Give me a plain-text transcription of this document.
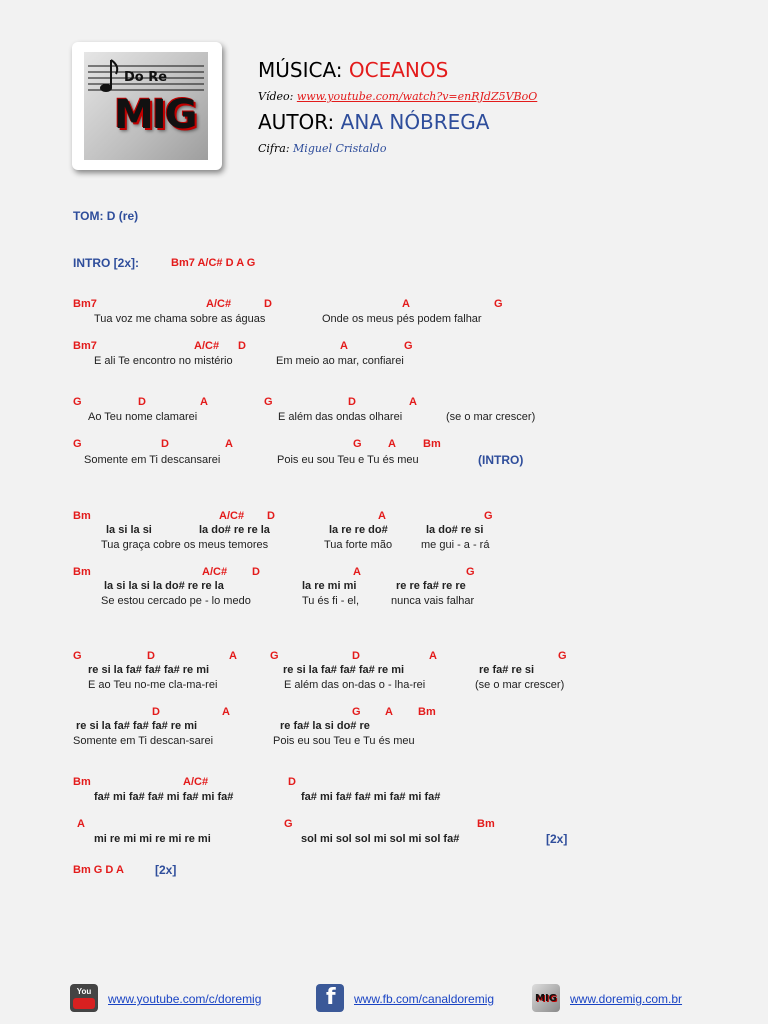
Do Re
MIG
MÚSICA: OCEANOS
Vídeo: www.youtube.com/watch?v=enRJdZ5VBoO
AUTOR: ANA NÓBREGA
Cifra: Miguel Cristaldo
TOM: D (re)
INTRO [2x]:	Bm7 A/C# D A G
Bm7	A/C#	D	A	G
Tua voz me chama sobre as águas	Onde os meus pés podem falhar
Bm7	A/C# D	A	G
E ali Te encontro no mistério	Em meio ao mar, confiarei
G	D	A	G	D	A
Ao Teu nome clamarei	E além das ondas olharei	(se o mar crescer)
G	D	A	G A Bm
Somente em Ti descansarei	Pois eu sou Teu e Tu és meu	(INTRO)
Bm	A/C# D	A	G
la si la si	la do# re re la	la re re do#	la do# re si
Tua graça cobre os meus temores	Tua forte mão	me gui - a - rá
Bm	A/C# D	A	G
la si la si la do# re re la	la re mi mi	re re fa# re re
Se estou cercado pe - lo medo	Tu és fi - el,	nunca vais falhar
G	D	A	G	D	A	G
re si la fa# fa# fa# re mi	re si la fa# fa# fa# re mi	re fa# re si
E ao Teu no-me cla-ma-rei	E além das on-das o - lha-rei	(se o mar crescer)
D	A	G A Bm
re si la fa# fa# fa# re mi	re fa# la si do# re
Somente em Ti descan-sarei	Pois eu sou Teu e Tu és meu
Bm	A/C#	D
fa# mi fa# fa# mi fa# mi fa#	fa# mi fa# fa# mi fa# mi fa#
A	G	Bm
mi re mi mi re mi re mi	sol mi sol sol mi sol mi sol fa#	[2x]
Bm G D A	[2x]
You
www.youtube.com/c/doremig	f www.fb.com/canaldoremig	MIG www.doremig.com.br
